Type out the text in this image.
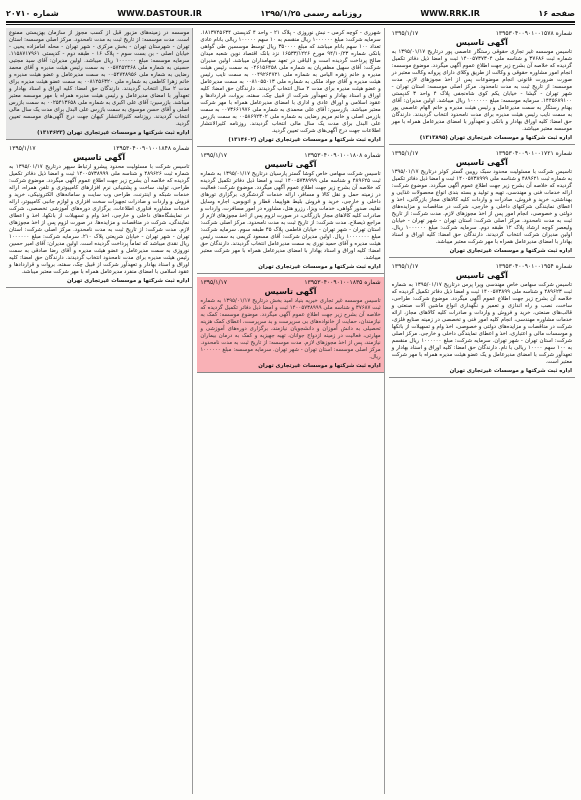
شماره ۲۰۷۱۰	WWW.DASTOUR.IR	روزنامه رسمی ۱۳۹۵/۱/۲۵	WWW.RRK.IR	صفحه ۱۶
شماره ۱۳۹۵۳۰۴۰۰۹۰۱۰۰۱۵۷۸
۱۳۹۵/۱/۱۷
آگهی تاسیس
تاسیس موسسه غیر تجاری حقوقی رستگار عاصمی پور درتاریخ ۱۳۹۵/۰۱/۱۷ به شماره ثبت ۳۷۶۸۶ و شناسه ملی ۱۴۰۰۵۷۳۷۳۰۴ ثبت و امضا ذیل دفاتر تکمیل گردیده که خلاصه آن بشرح زیر جهت اطلاع عموم آگهی میگردد. موضوع موسسه: انجام امور مشاوره حقوقی و وکالت از طریق وکلای دارای پروانه وکالت معتبر در صورت ضرورت قانونی انجام موضوعات پس از اخذ مجوزهای لازم. مدت موسسه: از تاریخ ثبت به مدت نامحدود. مرکز اصلی موسسه: استان تهران - شهر تهران - گیشا - خیابان یکم کوی شاه‌نجفی پلاک ۴ واحد ۳ کدپستی ۱۴۴۵۶۸۹۱۰۰. سرمایه موسسه: مبلغ ۱۰۰۰۰۰۰ ریال میباشد. اولین مدیران: آقای بهنام رستگار به سمت مدیرعامل و رئیس هیئت مدیره و خانم الهام عاصمی پور به سمت نایب رئیس هیئت مدیره برای مدت نامحدود انتخاب گردیدند. دارندگان حق امضا: کلیه اوراق بهادار و بانکی و تعهدآور با امضای مدیرعامل همراه با مهر موسسه معتبر میباشد.
اداره ثبت شرکتها و موسسات غیرتجاری تهران (۱۳۱۳۸۹۵)
شماره ۱۳۹۵۳۰۴۰۰۹۰۱۰۰۱۷۲۱
۱۳۹۵/۱/۱۷
آگهی تاسیس
تاسیس شرکت با مسئولیت محدود سبک رویین گستر کوثر درتاریخ ۱۳۹۵/۰۱/۱۷ به شماره ثبت ۴۸۹۶۲۱ و شناسه ملی ۱۴۰۰۵۷۳۸۹۹۹ ثبت و امضا ذیل دفاتر تکمیل گردیده که خلاصه آن بشرح زیر جهت اطلاع عموم آگهی میگردد. موضوع شرکت: ارائه خدمات فنی و مهندسی، تهیه و تولید و بسته بندی انواع محصولات غذایی و بهداشتی، خرید و فروش، صادرات و واردات کلیه کالاهای مجاز بازرگانی، اخذ و اعطای نمایندگی شرکتهای داخلی و خارجی، شرکت در مناقصات و مزایده‌های دولتی و خصوصی، انجام امور پس از اخذ مجوزهای لازم. مدت شرکت: از تاریخ ثبت به مدت نامحدود. مرکز اصلی شرکت: استان تهران - شهر تهران - خیابان ولیعصر کوچه ارشاد پلاک ۱۲ طبقه دوم. سرمایه شرکت: مبلغ ۱۰۰۰۰۰۰ ریال. اولین مدیران شرکت انتخاب گردیدند. دارندگان حق امضا: کلیه اوراق و اسناد بهادار با امضای مدیرعامل همراه با مهر شرکت معتبر میباشد.
اداره ثبت شرکتها و موسسات غیرتجاری تهران
شماره ۱۳۹۵۳۰۴۰۰۹۰۱۰۰۱۹۵۴
۱۳۹۵/۱/۱۷
آگهی تاسیس
تاسیس شرکت سهامی خاص مهندسی ویرا پرس درتاریخ ۱۳۹۵/۰۱/۱۷ به شماره ثبت ۴۸۹۶۲۳ و شناسه ملی ۱۴۰۰۵۷۳۸۹۹ ثبت و امضا ذیل دفاتر تکمیل گردیده که خلاصه آن بشرح زیر جهت اطلاع عموم آگهی میگردد. موضوع شرکت: طراحی، ساخت، نصب و راه اندازی و تعمیر و نگهداری انواع ماشین آلات صنعتی و قالب‌های صنعتی، خرید و فروش و واردات و صادرات کلیه کالاهای مجاز، ارائه خدمات مشاوره مهندسی، انجام کلیه امور فنی و تخصصی در زمینه صنایع فلزی، شرکت در مناقصات و مزایده‌های دولتی و خصوصی، اخذ وام و تسهیلات از بانکها و موسسات مالی و اعتباری، اخذ و اعطای نمایندگی داخلی و خارجی. مرکز اصلی شرکت: استان تهران - شهر تهران. سرمایه شرکت: مبلغ ۱۰۰۰۰۰۰ ریال منقسم به ۱۰۰ سهم ۱۰۰۰۰ ریالی با نام. دارندگان حق امضا: کلیه اوراق و اسناد بهادار و تعهدآور شرکت با امضای مدیرعامل و یک عضو هیئت مدیره همراه با مهر شرکت معتبر است.
اداره ثبت شرکتها و موسسات غیرتجاری تهران
شهرری - کوچه کرمی - نبش نوروزی - پلاک ۲۱ - واحد ۴ کدپستی ۱۸۱۳۷۴۵۶۳۴. سرمایه شرکت: مبلغ ۱۰۰۰۰۰۰ ریال منقسم به ۱۰ سهم ۱۰۰۰۰۰ ریالی بانام عادی تعداد ۱۰۰ سهم بانام میباشد که مبلغ ۳۵۰۰۰۰ ریال توسط موسسین طی گواهی بانکی شماره ۹۴/۱۰/۲۳ مورخ ۱۶۵۳۳/۱۲۲۶ نزد بانک اقتصاد نوین شعبه میدان صالح پرداخت گردیده است و الباقی در تعهد سهامداران میباشد. اولین مدیران شرکت: آقای سهیل مظفریان به شماره ملی ۰۴۶۱۵۶۴۵۸ به سمت رئیس هیئت مدیره و خانم زهره الیاس به شماره ملی ۰۰۴۹۲۶۴۷۲۱ به سمت نایب رئیس هیئت مدیره و آقای جواد ملکی به شماره ملی ۰۰۸۱۰۵۵۰۱۳ به سمت مدیرعامل و عضو هیئت مدیره برای مدت ۲ سال انتخاب گردیدند. دارندگان حق امضا: کلیه اوراق و اسناد بهادار و تعهدآور شرکت از قبیل چک، سفته، بروات، قراردادها و عقود اسلامی و اوراق عادی و اداری با امضای مدیرعامل همراه با مهر شرکت معتبر میباشد. بازرسین: آقای علی محمدی به شماره ملی ۰۰۷۳۶۶۱۹۷۶ به سمت بازرس اصلی و خانم مریم رضایی به شماره ملی ۰۰۵۸۶۹۲۳۰۲ به سمت بازرس علی البدل برای مدت یک سال مالی انتخاب گردیدند. روزنامه کثیرالانتشار اطلاعات جهت درج آگهی‌های شرکت تعیین گردید.
اداره ثبت شرکتها و موسسات غیرتجاری تهران (۱۳۱۴۶۰۲)
شماره ۱۳۹۵۳۰۴۰۰۹۰۱۰۰۱۸۰۸
۱۳۹۵/۱/۱۷
آگهی تاسیس
تاسیس شرکت سهامی خاص کوشا گستر پارسیان درتاریخ ۱۳۹۵/۰۱/۱۷ به شماره ثبت ۴۸۹۶۲۵ و شناسه ملی ۱۴۰۰۵۷۳۸۹۹۹ ثبت و امضا ذیل دفاتر تکمیل گردیده که خلاصه آن بشرح زیر جهت اطلاع عموم آگهی میگردد. موضوع شرکت: فعالیت در زمینه حمل و نقل کالا و مسافر، ارائه خدمات گردشگری، برگزاری تورهای داخلی و خارجی، خرید و فروش بلیط هواپیما، قطار و اتوبوس، اجاره وسایل نقلیه، صدور گواهی، خدمات ویزا، رزرو هتل، مشاوره در امور مسافرت، واردات و صادرات کلیه کالاهای مجاز بازرگانی، در صورت لزوم پس از اخذ مجوزهای لازم از مراجع ذیصلاح. مدت شرکت: از تاریخ ثبت به مدت نامحدود. مرکز اصلی شرکت: استان تهران - شهر تهران - خیابان فاطمی پلاک ۴۵ طبقه سوم. سرمایه شرکت: مبلغ ۱۰۰۰۰۰۰۰ ریال. اولین مدیران شرکت: آقای مسعود کریمی به سمت رئیس هیئت مدیره و آقای حمید نوری به سمت مدیرعامل انتخاب گردیدند. دارندگان حق امضا: کلیه اوراق و اسناد بهادار با امضای مدیرعامل همراه با مهر شرکت معتبر میباشد.
اداره ثبت شرکتها و موسسات غیرتجاری تهران
شماره ۱۳۹۵۳۰۴۰۰۹۰۱۰۰۱۸۳۵
۱۳۹۵/۱/۱۷
آگهی تاسیس
تاسیس موسسه غیر تجاری خیریه بنیاد امید بخش درتاریخ ۱۳۹۵/۰۱/۱۷ به شماره ثبت ۳۷۶۸۷ و شناسه ملی ۱۴۰۰۵۷۳۸۹۹۹ ثبت و امضا ذیل دفاتر تکمیل گردیده که خلاصه آن بشرح زیر جهت اطلاع عموم آگهی میگردد. موضوع موسسه: کمک به نیازمندان، حمایت از خانواده‌های بی سرپرست و بد سرپرست، اعطای کمک هزینه تحصیلی به دانش آموزان و دانشجویان نیازمند، برگزاری دوره‌های آموزشی و مهارتی، فعالیت در زمینه ازدواج جوانان، تهیه جهیزیه و کمک به درمان بیماران نیازمند، پس از اخذ مجوزهای لازم. مدت موسسه: از تاریخ ثبت به مدت نامحدود. مرکز اصلی موسسه: استان تهران - شهر تهران. سرمایه موسسه: مبلغ ۱۰۰۰۰۰۰ ریال.
اداره ثبت شرکتها و موسسات غیرتجاری تهران
موسسه در زمینه‌های مزبور قبل از کسب مجوز از سازمان بهزیستی ممنوع است. مدت موسسه: از تاریخ ثبت به مدت نامحدود. مرکز اصلی موسسه: استان تهران - شهرستان تهران - بخش مرکزی - شهر تهران - محله امامزاده یحیی - خیابان اصلی - بن بست سوم - پلاک ۱۶ - طبقه دوم - کدپستی ۱۱۵۸۷۱۷۹۶۱. سرمایه موسسه: مبلغ ۱۰۰۰۰۰۰ ریال میباشد. اولین مدیران: آقای سید مجتبی حسینی به شماره ملی ۰۰۵۷۴۵۲۳۶۸ به سمت رئیس هیئت مدیره و آقای محمد رضایی به شماره ملی ۰۰۵۴۷۴۸۹۵۶ به سمت مدیرعامل و عضو هیئت مدیره و خانم زهرا کاظمی به شماره ملی ۰۰۸۱۲۵۶۳۲۰ به سمت عضو هیئت مدیره برای مدت ۲ سال انتخاب گردیدند. دارندگان حق امضا: کلیه اوراق و اسناد بهادار و تعهدآور با امضای مدیرعامل و رئیس هیئت مدیره همراه با مهر موسسه معتبر میباشد. بازرسین: آقای علی اکبری به شماره ملی ۰۰۲۵۴۱۳۶۵۸ به سمت بازرس اصلی و آقای حسن موسوی به سمت بازرس علی البدل برای مدت یک سال مالی انتخاب گردیدند. روزنامه کثیرالانتشار کیهان جهت درج آگهی‌های موسسه تعیین گردید.
اداره ثبت شرکتها و موسسات غیرتجاری تهران (۱۳۱۴۶۲۳)
شماره ۱۳۹۵۳۰۴۰۰۹۰۱۰۰۱۸۴۸
۱۳۹۵/۱/۱۷
آگهی تاسیس
تاسیس شرکت با مسئولیت محدود پیشرو ارتباط سپهر درتاریخ ۱۳۹۵/۰۱/۱۷ به شماره ثبت ۴۸۹۶۲۶ و شناسه ملی ۱۴۰۰۵۷۳۸۹۹۹ ثبت و امضا ذیل دفاتر تکمیل گردیده که خلاصه آن بشرح زیر جهت اطلاع عموم آگهی میگردد. موضوع شرکت: طراحی، تولید، ساخت و پشتیبانی نرم افزارهای کامپیوتری و تلفن همراه، ارائه خدمات شبکه و اینترنت، طراحی وب سایت و سامانه‌های الکترونیکی، خرید و فروش و واردات و صادرات تجهیزات سخت افزاری و لوازم جانبی کامپیوتر، ارائه خدمات مشاوره فناوری اطلاعات، برگزاری دوره‌های آموزشی تخصصی، شرکت در نمایشگاه‌های داخلی و خارجی، اخذ وام و تسهیلات از بانکها، اخذ و اعطای نمایندگی، شرکت در مناقصات و مزایده‌ها. در صورت لزوم پس از اخذ مجوزهای لازم. مدت شرکت: از تاریخ ثبت به مدت نامحدود. مرکز اصلی شرکت: استان تهران - شهر تهران - خیابان شریعتی پلاک ۲۱۰. سرمایه شرکت: مبلغ ۱۰۰۰۰۰۰ ریال نقدی میباشد که تماماً پرداخت گردیده است. اولین مدیران: آقای امیر حسین نوروزی به سمت مدیرعامل و عضو هیئت مدیره و آقای رضا صادقی به سمت رئیس هیئت مدیره برای مدت نامحدود انتخاب گردیدند. دارندگان حق امضا: کلیه اوراق و اسناد بهادار و تعهدآور شرکت از قبیل چک، سفته، بروات و قراردادها و عقود اسلامی با امضای منفرد مدیرعامل همراه با مهر شرکت معتبر میباشد.
اداره ثبت شرکتها و موسسات غیرتجاری تهران
